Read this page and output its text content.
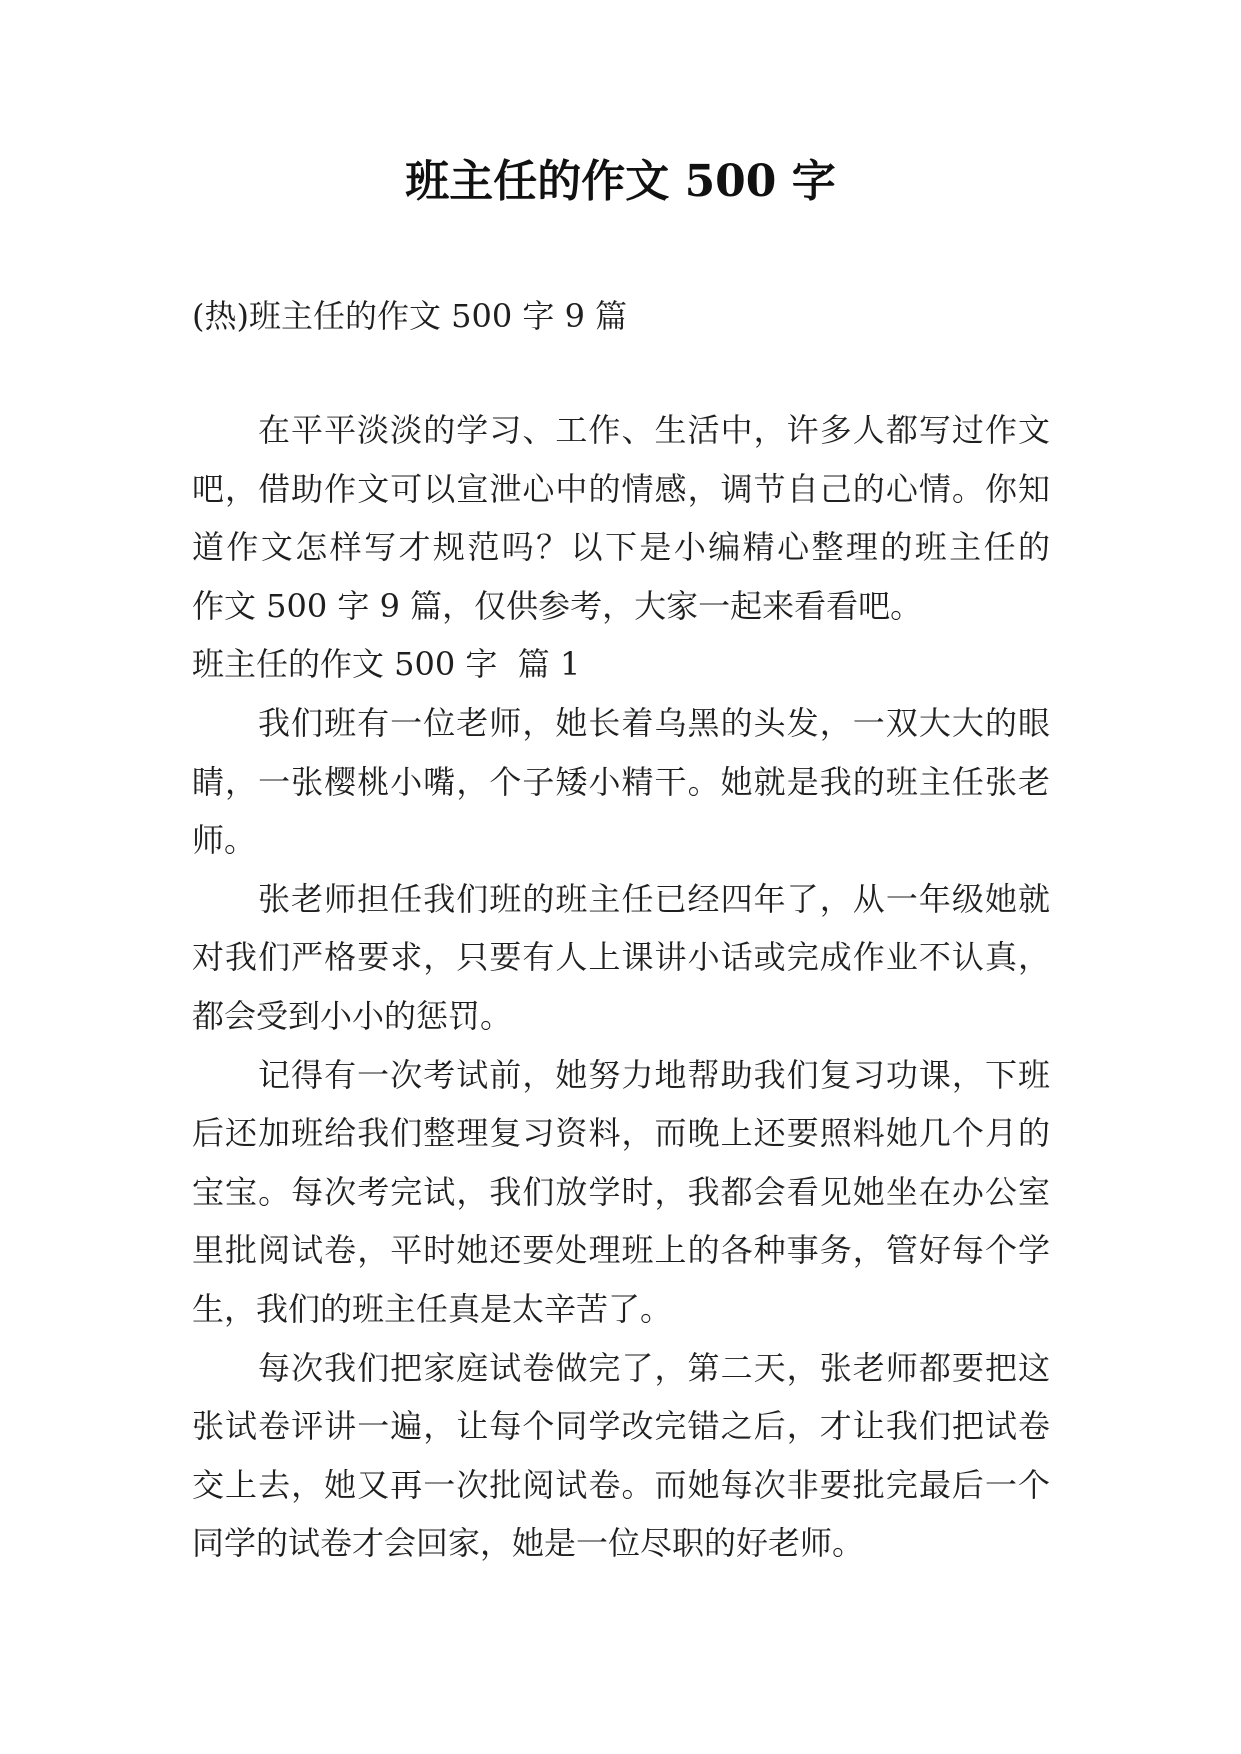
班主任的作文 500 字
(热)班主任的作文 500 字 9 篇
在平平淡淡的学习、工作、生活中，许多人都写过作文
吧，借助作文可以宣泄心中的情感，调节自己的心情。你知
道作文怎样写才规范吗？以下是小编精心整理的班主任的
作文 500 字 9 篇，仅供参考，大家一起来看看吧。
班主任的作文 500 字  篇 1
我们班有一位老师，她长着乌黑的头发，一双大大的眼
睛，一张樱桃小嘴，个子矮小精干。她就是我的班主任张老
师。
张老师担任我们班的班主任已经四年了，从一年级她就
对我们严格要求，只要有人上课讲小话或完成作业不认真，
都会受到小小的惩罚。
记得有一次考试前，她努力地帮助我们复习功课，下班
后还加班给我们整理复习资料，而晚上还要照料她几个月的
宝宝。每次考完试，我们放学时，我都会看见她坐在办公室
里批阅试卷，平时她还要处理班上的各种事务，管好每个学
生，我们的班主任真是太辛苦了。
每次我们把家庭试卷做完了，第二天，张老师都要把这
张试卷评讲一遍，让每个同学改完错之后，才让我们把试卷
交上去，她又再一次批阅试卷。而她每次非要批完最后一个
同学的试卷才会回家，她是一位尽职的好老师。
